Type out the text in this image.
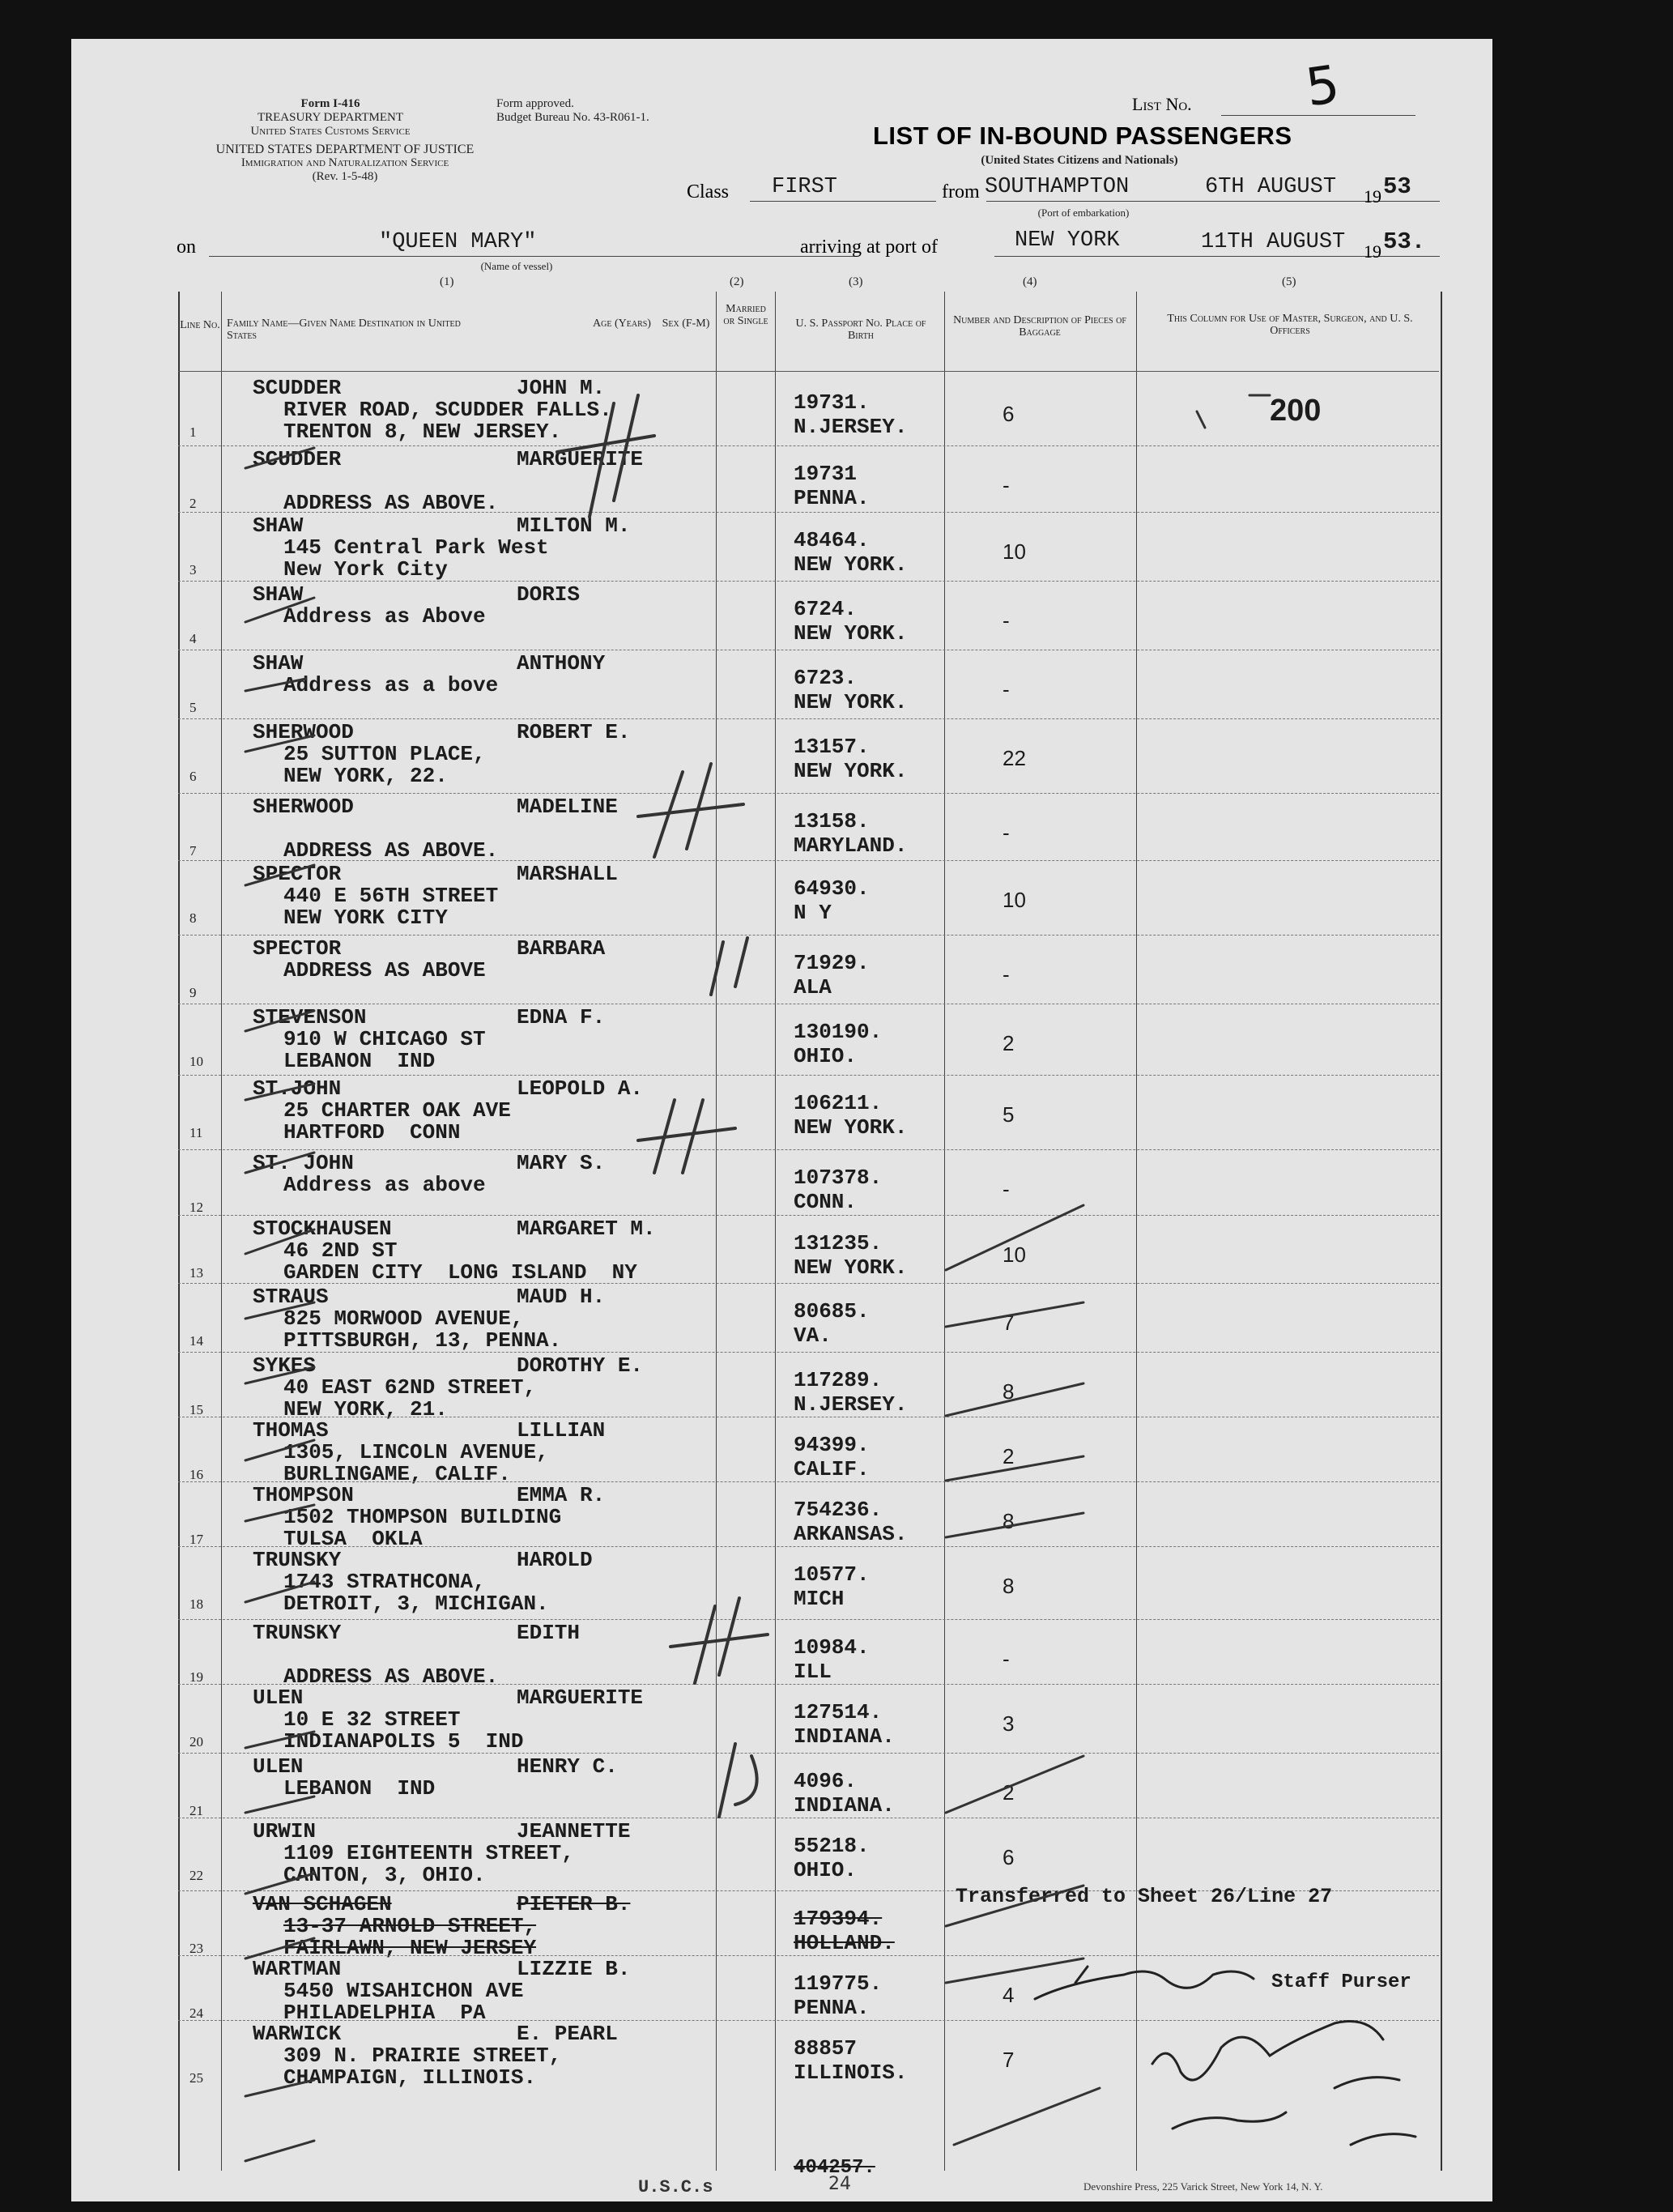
Form I-416
TREASURY DEPARTMENT
United States Customs Service
Form approved.
Budget Bureau No. 43-R061-1.
UNITED STATES DEPARTMENT OF JUSTICE
Immigration and Naturalization Service
(Rev. 1-5-48)
List No. 5
LIST OF IN-BOUND PASSENGERS
(United States Citizens and Nationals)
Class FIRST	from SOUTHAMPTON
(Port of embarkation)
6TH AUGUST 19 53
on	"QUEEN MARY"
(Name of vessel)
arriving at port of	NEW YORK	11TH AUGUST 19 53.
(1)	(2)	(3)	(4)	(5)
Line No. Family Name—Given Name Destination in United States
Age (Years) Sex (F-M)
Married or Single	U. S. Passport No. Place of Birth
Number and Description of Pieces of Baggage
This Column for Use of Master, Surgeon, and U. S. Officers
1
SCUDDER	JOHN M.
RIVER ROAD, SCUDDER FALLS.
TRENTON 8, NEW JERSEY.
19731.
N.JERSEY.
6	200
2
SCUDDER	MARGUERITE
ADDRESS AS ABOVE.
19731
PENNA.
-
3
SHAW	MILTON M.
145 Central Park West
New York City
48464.
NEW YORK.
10
4
SHAW	DORIS
Address as Above	6724.
NEW YORK.
-
5
SHAW	ANTHONY
Address as a bove	6723.
NEW YORK.
-
6
SHERWOOD	ROBERT E.
25 SUTTON PLACE,
NEW YORK, 22.
13157.
NEW YORK.
22
7
SHERWOOD	MADELINE
ADDRESS AS ABOVE.
13158.
MARYLAND.
-
8
SPECTOR	MARSHALL
440 E 56TH STREET
NEW YORK CITY
64930.
N Y
10
9
SPECTOR	BARBARA
ADDRESS AS ABOVE	71929.
ALA
-
10
STEVENSON	EDNA F.
910 W CHICAGO ST
LEBANON  IND
130190.
OHIO.
2
11
ST.JOHN	LEOPOLD A.
25 CHARTER OAK AVE
HARTFORD  CONN
106211.
NEW YORK.
5
12
ST. JOHN	MARY S.
Address as above	107378.
CONN.
-
13
STOCKHAUSEN	MARGARET M.
46 2ND ST
GARDEN CITY  LONG ISLAND  NY
131235.
NEW YORK.
10
14
STRAUS	MAUD H.
825 MORWOOD AVENUE,
PITTSBURGH, 13, PENNA.
80685.
VA.
7
15
SYKES	DOROTHY E.
40 EAST 62ND STREET,
NEW YORK, 21.
117289.
N.JERSEY.
8
16
THOMAS	LILLIAN
1305, LINCOLN AVENUE,
BURLINGAME, CALIF.
94399.
CALIF.
2
17
THOMPSON	EMMA R.
1502 THOMPSON BUILDING
TULSA  OKLA
754236.
ARKANSAS.
8
18
TRUNSKY	HAROLD
1743 STRATHCONA,
DETROIT, 3, MICHIGAN.
10577.
MICH
8
19
TRUNSKY	EDITH
ADDRESS AS ABOVE.
10984.
ILL
-
20
ULEN	MARGUERITE
10 E 32 STREET
INDIANAPOLIS 5  IND
127514.
INDIANA.
3
21
ULEN	HENRY C.
LEBANON  IND	4096.
INDIANA.
2
22
URWIN	JEANNETTE
1109 EIGHTEENTH STREET,
CANTON, 3, OHIO.
55218.
OHIO.
6
23
VAN SCHAGEN	PIETER B.
13-37 ARNOLD STREET,
FAIRLAWN, NEW JERSEY
179394.
HOLLAND.
Transferred to Sheet 26/Line 27
24
WARTMAN	LIZZIE B.
5450 WISAHICHON AVE
PHILADELPHIA  PA
119775.
PENNA.
4
25
WARWICK	E. PEARL
309 N. PRAIRIE STREET,
CHAMPAIGN, ILLINOIS.
88857
ILLINOIS.
7
404257.
Staff Purser
U.S.C.s	24	Devonshire Press, 225 Varick Street, New York 14, N. Y.
